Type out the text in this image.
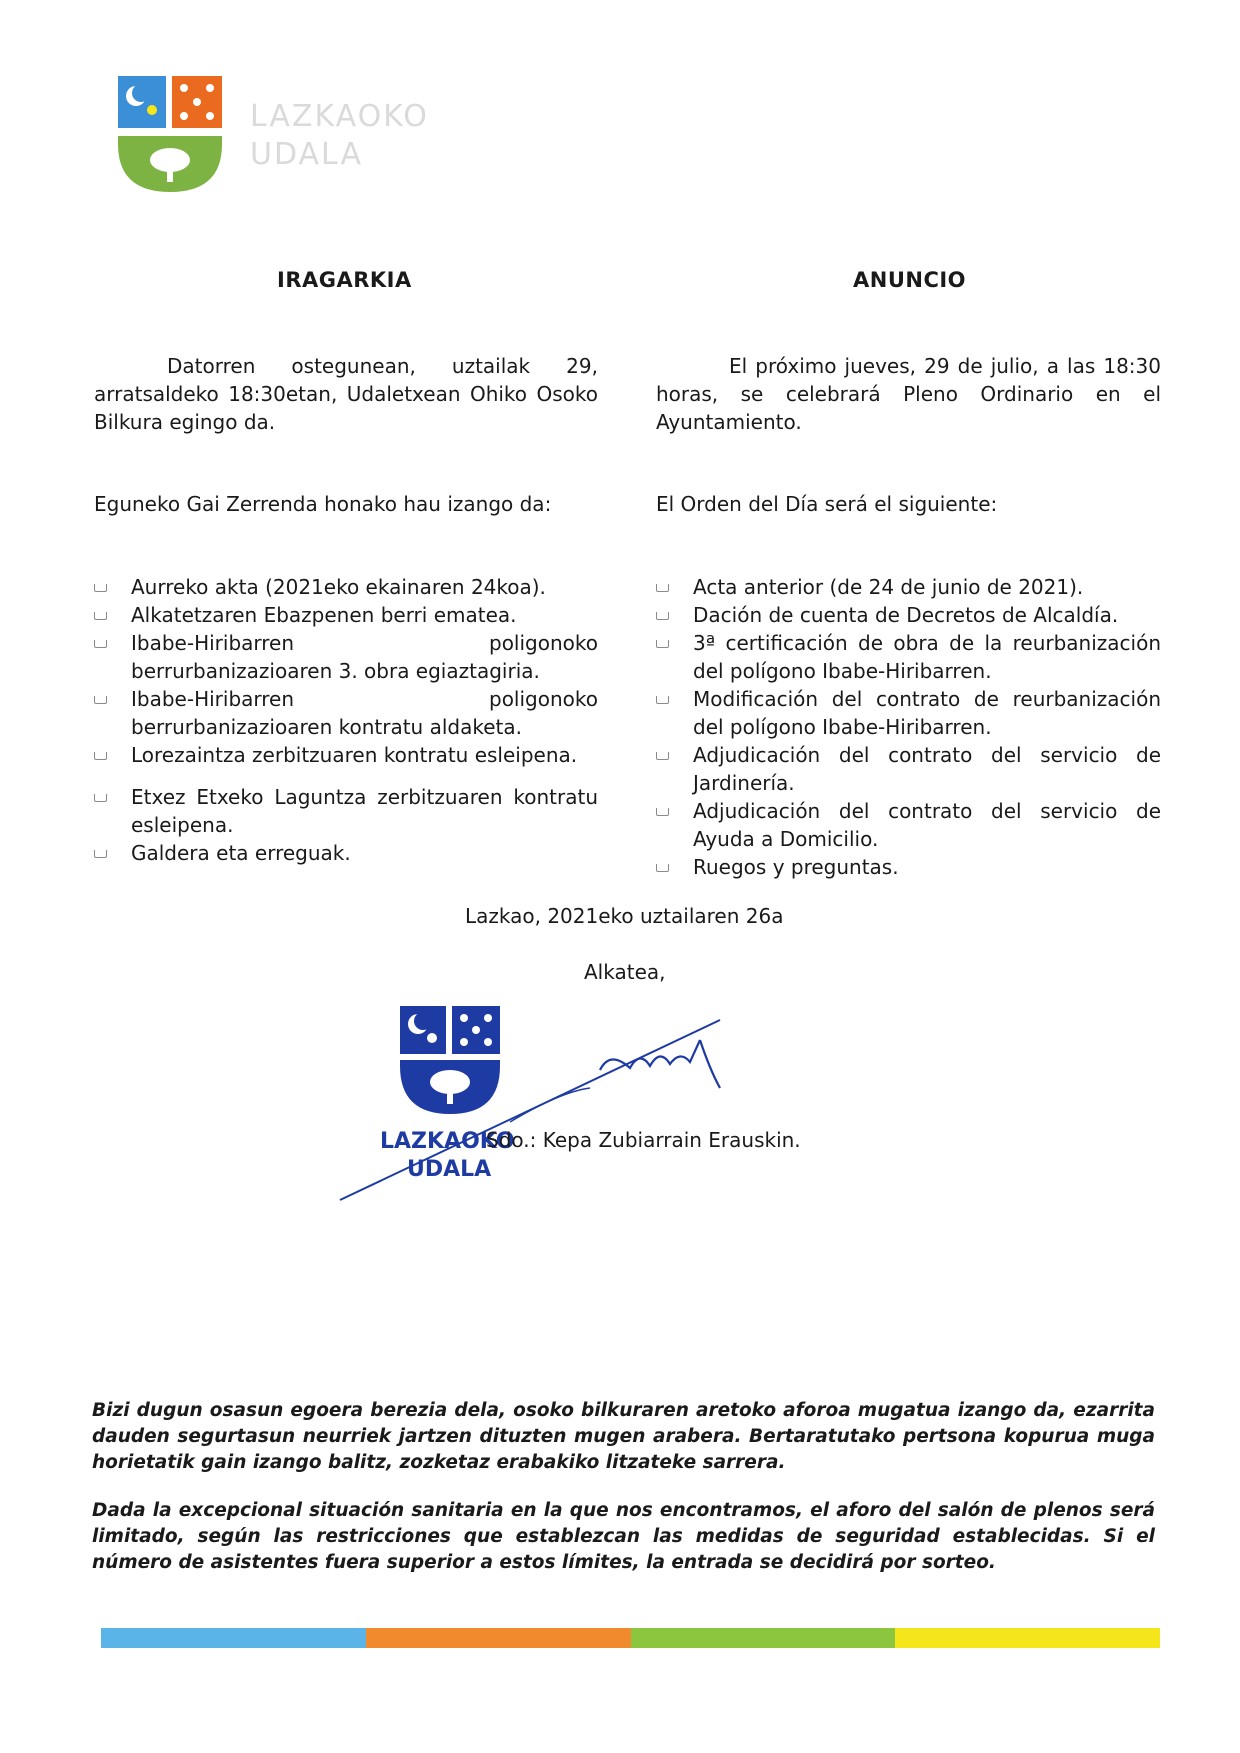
LAZKAOKO
UDALA
IRAGARKIA	ANUNCIO

Datorren ostegunean, uztailak 29, arratsaldeko 18:30etan, Udaletxean Ohiko Osoko Bilkura egingo da.

Eguneko Gai Zerrenda honako hau izango da:

Aurreko akta (2021eko ekainaren 24koa).
Alkatetzaren Ebazpenen berri ematea.
Ibabe-Hiribarren poligonoko berrurbanizazioaren 3. obra egiaztagiria.
Ibabe-Hiribarren poligonoko berrurbanizazioaren kontratu aldaketa.
Lorezaintza zerbitzuaren kontratu esleipena.
Etxez Etxeko Laguntza zerbitzuaren kontratu esleipena.
Galdera eta erreguak.

El próximo jueves, 29 de julio, a las 18:30 horas, se celebrará Pleno Ordinario en el Ayuntamiento.

El Orden del Día será el siguiente:

Acta anterior (de 24 de junio de 2021).
Dación de cuenta de Decretos de Alcaldía.
3ª certificación de obra de la reurbanización del polígono Ibabe-Hiribarren.
Modificación del contrato de reurbanización del polígono Ibabe-Hiribarren.
Adjudicación del contrato del servicio de Jardinería.
Adjudicación del contrato del servicio de Ayuda a Domicilio.
Ruegos y preguntas.
Lazkao, 2021eko uztailaren 26a
Alkatea,
LAZKAOKO
UDALA
Sdo.: Kepa Zubiarrain Erauskin.

Bizi dugun osasun egoera berezia dela, osoko bilkuraren aretoko aforoa mugatua izango da, ezarrita dauden segurtasun neurriek jartzen dituzten mugen arabera. Bertaratutako pertsona kopurua muga horietatik gain izango balitz, zozketaz erabakiko litzateke sarrera.

Dada la excepcional situación sanitaria en la que nos encontramos, el aforo del salón de plenos será limitado, según las restricciones que establezcan las medidas de seguridad establecidas. Si el número de asistentes fuera superior a estos límites, la entrada se decidirá por sorteo.
